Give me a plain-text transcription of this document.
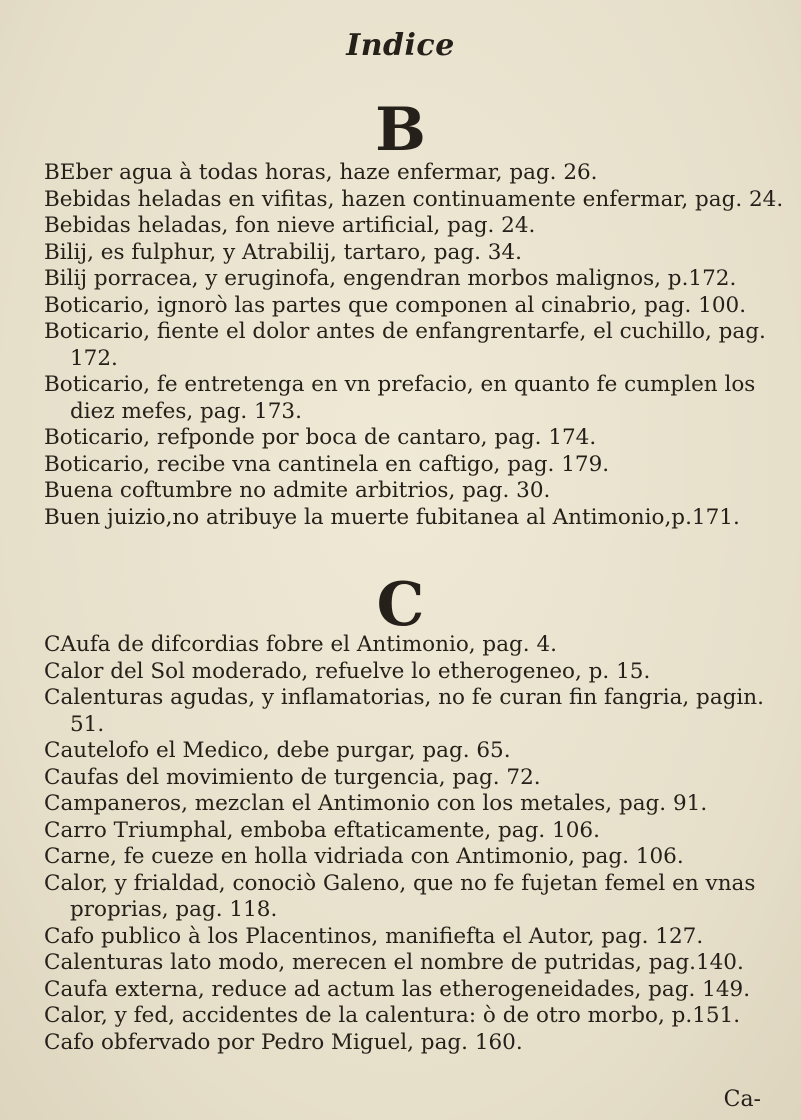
Indice
B

BEber agua à todas horas, haze enfermar, pag. 26.

Bebidas heladas en vifitas, hazen continuamente enfermar, pag. 24.

Bebidas heladas, fon nieve artificial, pag. 24.

Bilij, es fulphur, y Atrabilij, tartaro, pag. 34.

Bilij porracea, y eruginofa, engendran morbos malignos, p.172.

Boticario, ignorò las partes que componen al cinabrio, pag. 100.

Boticario, fiente el dolor antes de enfangrentarfe, el cuchillo, pag. 172.

Boticario, fe entretenga en vn prefacio, en quanto fe cumplen los diez mefes, pag. 173.

Boticario, refponde por boca de cantaro, pag. 174.

Boticario, recibe vna cantinela en caftigo, pag. 179.

Buena coftumbre no admite arbitrios, pag. 30.

Buen juizio,no atribuye la muerte fubitanea al Antimonio,p.171.

C

CAufa de difcordias fobre el Antimonio, pag. 4.

Calor del Sol moderado, refuelve lo etherogeneo, p. 15.

Calenturas agudas, y inflamatorias, no fe curan fin fangria, pagin. 51.

Cautelofo el Medico, debe purgar, pag. 65.

Caufas del movimiento de turgencia, pag. 72.

Campaneros, mezclan el Antimonio con los metales, pag. 91.

Carro Triumphal, emboba eftaticamente, pag. 106.

Carne, fe cueze en holla vidriada con Antimonio, pag. 106.

Calor, y frialdad, conociò Galeno, que no fe fujetan femel en vnas proprias, pag. 118.

Cafo publico à los Placentinos, manifiefta el Autor, pag. 127.

Calenturas lato modo, merecen el nombre de putridas, pag.140.

Caufa externa, reduce ad actum las etherogeneidades, pag. 149.

Calor, y fed, accidentes de la calentura: ò de otro morbo, p.151.

Cafo obfervado por Pedro Miguel, pag. 160.

Ca-
